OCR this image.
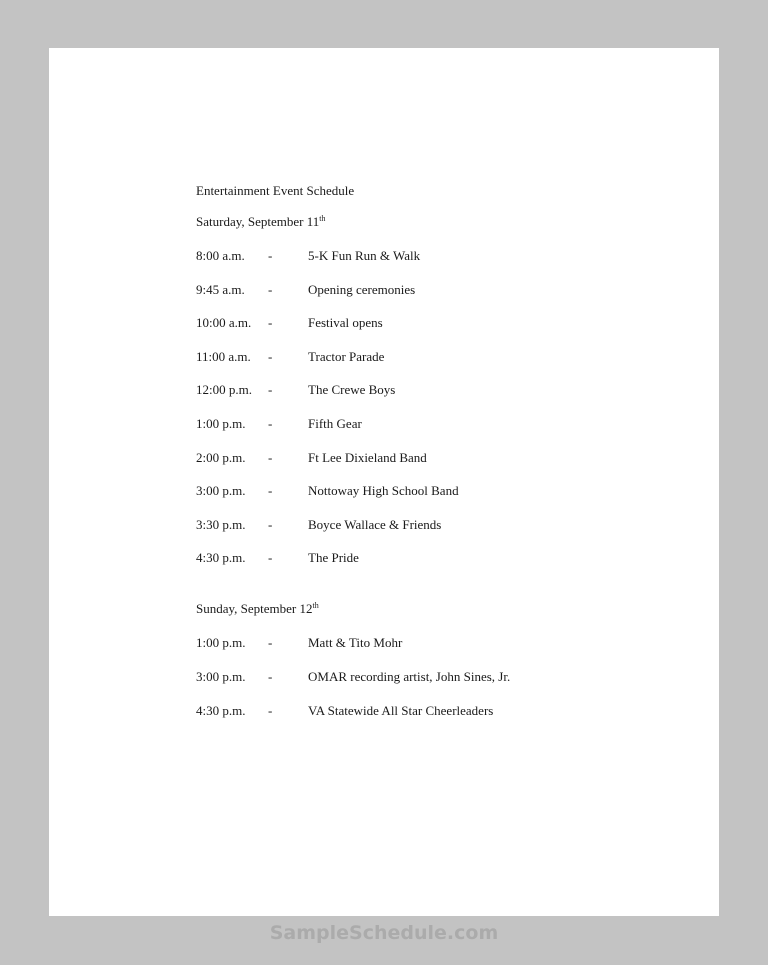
Entertainment Event Schedule
Saturday, September 11th
8:00 a.m.	-	5-K Fun Run & Walk
9:45 a.m.	-	Opening ceremonies
10:00 a.m.	-	Festival opens
11:00 a.m.	-	Tractor Parade
12:00 p.m.	-	The Crewe Boys
1:00 p.m.	-	Fifth Gear
2:00 p.m.	-	Ft Lee Dixieland Band
3:00 p.m.	-	Nottoway High School Band
3:30 p.m.	-	Boyce Wallace & Friends
4:30 p.m.	-	The Pride
Sunday, September 12th
1:00 p.m.	-	Matt & Tito Mohr
3:00 p.m.	-	OMAR recording artist, John Sines, Jr.
4:30 p.m.	-	VA Statewide All Star Cheerleaders
SampleSchedule.com
